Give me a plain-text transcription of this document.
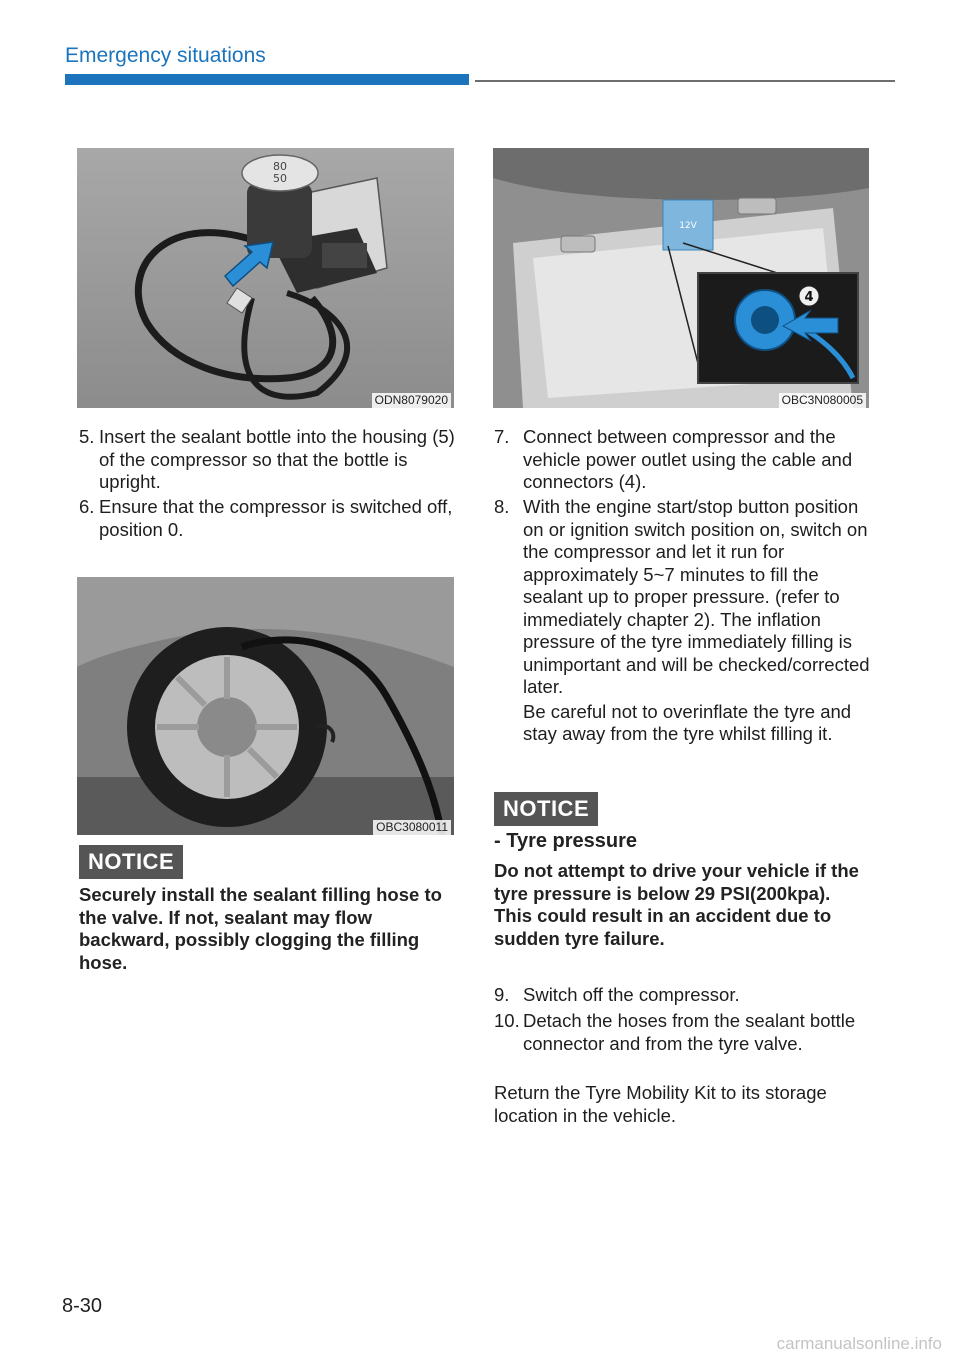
Emergency situations
80
50
ODN8079020
12V
4
OBC3N080005
OBC3080011
5. Insert the sealant bottle into the housing (5) of the compressor so that the bottle is upright.
6. Ensure that the compressor is switched off, position 0.
NOTICE
Securely install the sealant filling hose to the valve. If not, sealant may flow backward, possibly clogging the filling hose.
7. Connect between compressor and the vehicle power outlet using the cable and connectors (4).
8. With the engine start/stop button position on or ignition switch position on, switch on the compressor and let it run for approximately 5~7 minutes to fill the sealant up to proper pressure. (refer to immediately chapter 2). The inflation pressure of the tyre immediately filling is unimportant and will be checked/corrected later.
Be careful not to overinflate the tyre and stay away from the tyre whilst filling it.
NOTICE
- Tyre pressure
Do not attempt to drive your vehicle if the tyre pressure is below 29 PSI(200kpa). This could result in an accident due to sudden tyre failure.
9. Switch off the compressor.
10. Detach the hoses from the sealant bottle connector and from the tyre valve.
Return the Tyre Mobility Kit to its storage location in the vehicle.
8-30
carmanualsonline.info
